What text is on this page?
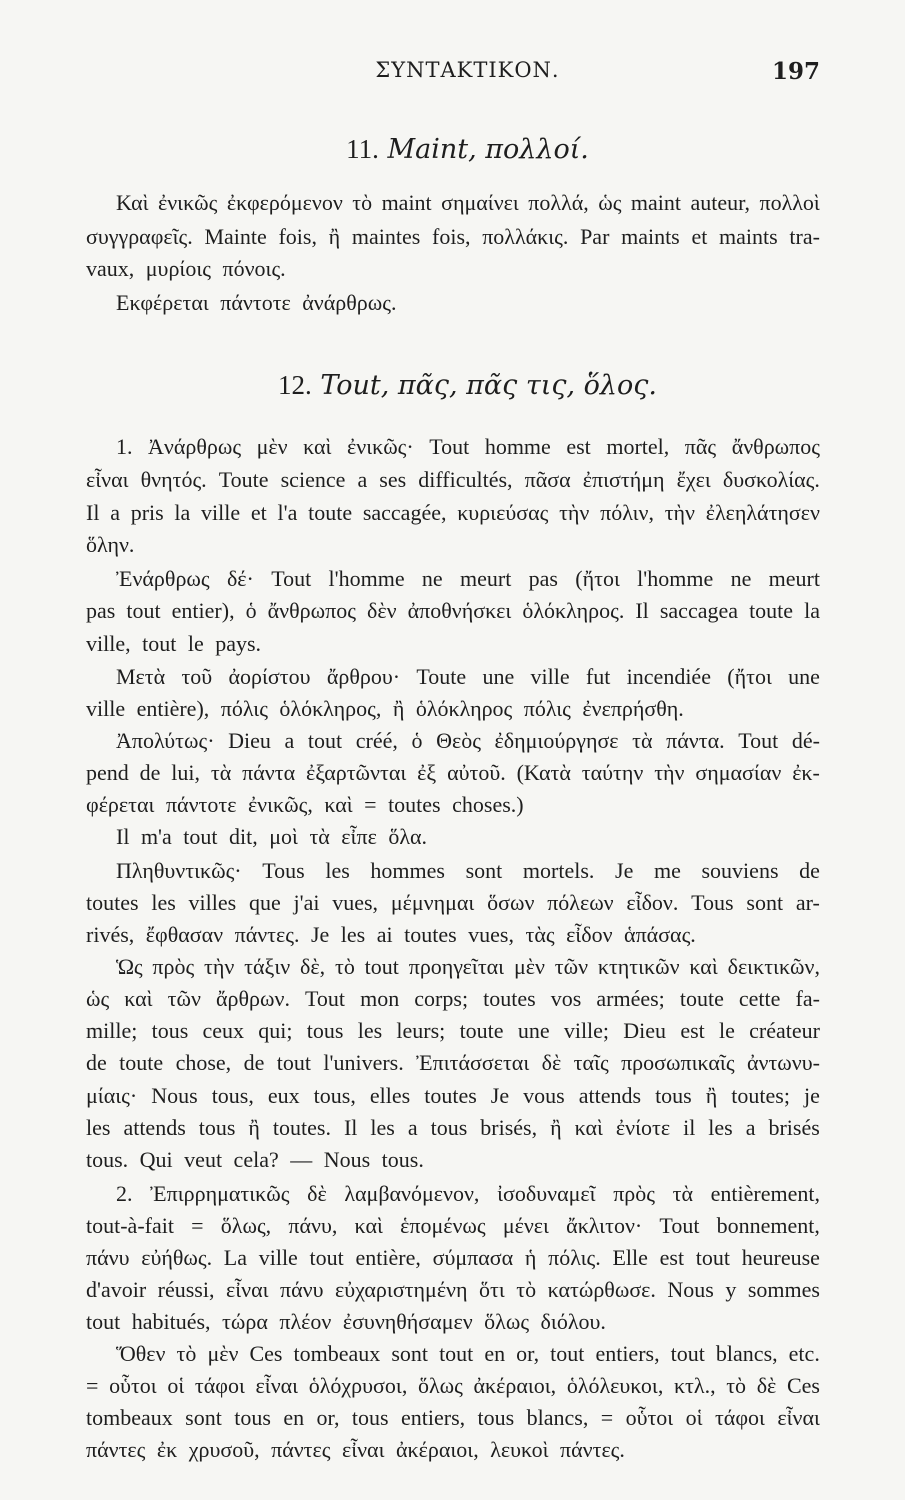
ΣΥΝΤΑΚΤΙΚΟΝ.	197
11. Maint, πολλοί.
12. Tout, πᾶς, πᾶς τις, ὅλος.
Καὶ ἐνικῶς ἐκφερόμενον τὸ maint σημαίνει πολλά, ὡς maint auteur, πολλοὶ
συγγραφεῖς. Mainte fois, ἢ maintes fois, πολλάκις. Par maints et maints tra-
vaux, μυρίοις πόνοις.
Εκφέρεται πάντοτε ἀνάρθρως.
1. Ἀνάρθρως μὲν καὶ ἐνικῶς· Tout homme est mortel, πᾶς ἄνθρωπος
εἶναι θνητός. Toute science a ses difficultés, πᾶσα ἐπιστήμη ἔχει δυσκολίας.
Il a pris la ville et l'a toute saccagée, κυριεύσας τὴν πόλιν, τὴν ἐλεηλάτησεν
ὅλην.
Ἐνάρθρως δέ· Tout l'homme ne meurt pas (ἤτοι l'homme ne meurt
pas tout entier), ὁ ἄνθρωπος δὲν ἀποθνήσκει ὁλόκληρος. Il saccagea toute la
ville, tout le pays.
Μετὰ τοῦ ἀορίστου ἄρθρου· Toute une ville fut incendiée (ἤτοι une
ville entière), πόλις ὁλόκληρος, ἢ ὁλόκληρος πόλις ἐνεπρήσθη.
Ἀπολύτως· Dieu a tout créé, ὁ Θεὸς ἐδημιούργησε τὰ πάντα. Tout dé-
pend de lui, τὰ πάντα ἐξαρτῶνται ἐξ αὐτοῦ. (Κατὰ ταύτην τὴν σημασίαν ἐκ-
φέρεται πάντοτε ἐνικῶς, καὶ = toutes choses.)
Il m'a tout dit, μοὶ τὰ εἶπε ὅλα.
Πληθυντικῶς· Tous les hommes sont mortels. Je me souviens de
toutes les villes que j'ai vues, μέμνημαι ὅσων πόλεων εἶδον. Tous sont ar-
rivés, ἔφθασαν πάντες. Je les ai toutes vues, τὰς εἶδον ἁπάσας.
Ὡς πρὸς τὴν τάξιν δὲ, τὸ tout προηγεῖται μὲν τῶν κτητικῶν καὶ δεικτικῶν,
ὡς καὶ τῶν ἄρθρων. Tout mon corps; toutes vos armées; toute cette fa-
mille; tous ceux qui; tous les leurs; toute une ville; Dieu est le créateur
de toute chose, de tout l'univers. Ἐπιτάσσεται δὲ ταῖς προσωπικαῖς ἀντωνυ-
μίαις· Nous tous, eux tous, elles toutes Je vous attends tous ἢ toutes; je
les attends tous ἢ toutes. Il les a tous brisés, ἢ καὶ ἐνίοτε il les a brisés
tous. Qui veut cela? — Nous tous.
2. Ἐπιρρηματικῶς δὲ λαμβανόμενον, ἰσοδυναμεῖ πρὸς τὰ entièrement,
tout-à-fait = ὅλως, πάνυ, καὶ ἑπομένως μένει ἄκλιτον· Tout bonnement,
πάνυ εὐήθως. La ville tout entière, σύμπασα ἡ πόλις. Elle est tout heureuse
d'avoir réussi, εἶναι πάνυ εὐχαριστημένη ὅτι τὸ κατώρθωσε. Nous y sommes
tout habitués, τώρα πλέον ἐσυνηθήσαμεν ὅλως διόλου.
Ὅθεν τὸ μὲν Ces tombeaux sont tout en or, tout entiers, tout blancs, etc.
= οὗτοι οἱ τάφοι εἶναι ὁλόχρυσοι, ὅλως ἀκέραιοι, ὁλόλευκοι, κτλ., τὸ δὲ Ces
tombeaux sont tous en or, tous entiers, tous blancs, = οὗτοι οἱ τάφοι εἶναι
πάντες ἐκ χρυσοῦ, πάντες εἶναι ἀκέραιοι, λευκοὶ πάντες.
